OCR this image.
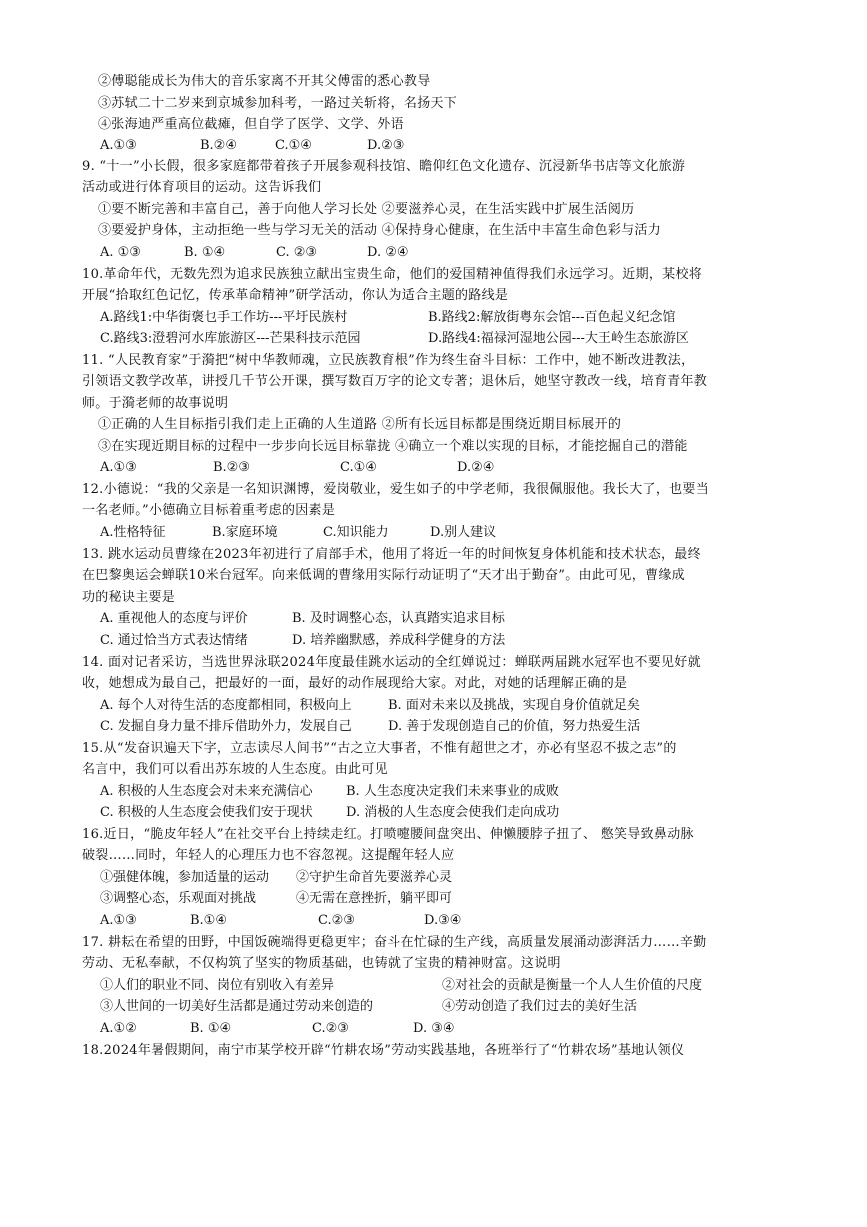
②傅聪能成长为伟大的音乐家离不开其父傅雷的悉心教导
③苏轼二十二岁来到京城参加科考，一路过关斩将，名扬天下
④张海迪严重高位截瘫，但自学了医学、文学、外语
A.①③	B.②④	C.①④	D.②③
9. “十一”小长假，很多家庭都带着孩子开展参观科技馆、瞻仰红色文化遗存、沉浸新华书店等文化旅游
活动或进行体育项目的运动。这告诉我们
①要不断完善和丰富自己，善于向他人学习长处 ②要滋养心灵，在生活实践中扩展生活阅历
③要爱护身体，主动拒绝一些与学习无关的活动 ④保持身心健康，在生活中丰富生命色彩与活力
A. ①③	B. ①④	C. ②③	D. ②④
10.革命年代，无数先烈为追求民族独立献出宝贵生命，他们的爱国精神值得我们永远学习。近期，某校将
开展“拾取红色记忆，传承革命精神”研学活动，你认为适合主题的路线是
A.路线1:中华街褒乜手工作坊---平圩民族村	B.路线2:解放街粤东会馆---百色起义纪念馆
C.路线3:澄碧河水库旅游区---芒果科技示范园	D.路线4:福禄河湿地公园---大王岭生态旅游区
11. “人民教育家”于漪把“树中华教师魂，立民族教育根”作为终生奋斗目标：工作中，她不断改进教法，
引领语文教学改革，讲授几千节公开课，撰写数百万字的论文专著；退休后，她坚守教改一线，培育青年教
师。于漪老师的故事说明
①正确的人生目标指引我们走上正确的人生道路 ②所有长远目标都是围绕近期目标展开的
③在实现近期目标的过程中一步步向长远目标靠拢 ④确立一个难以实现的目标，才能挖掘自己的潜能
A.①③	B.②③	C.①④	D.②④
12.小德说：“我的父亲是一名知识渊博，爱岗敬业，爱生如子的中学老师，我很佩服他。我长大了，也要当
一名老师。”小德确立目标着重考虑的因素是
A.性格特征	B.家庭环境	C.知识能力	D.别人建议
13. 跳水运动员曹缘在2023年初进行了肩部手术，他用了将近一年的时间恢复身体机能和技术状态，最终
在巴黎奥运会蝉联10米台冠军。向来低调的曹缘用实际行动证明了“天才出于勤奋”。由此可见，曹缘成
功的秘诀主要是
A. 重视他人的态度与评价	B. 及时调整心态，认真踏实追求目标
C. 通过恰当方式表达情绪	D. 培养幽默感，养成科学健身的方法
14. 面对记者采访，当选世界泳联2024年度最佳跳水运动的全红婵说过：蝉联两届跳水冠军也不要见好就
收，她想成为最自己，把最好的一面，最好的动作展现给大家。对此，对她的话理解正确的是
A. 每个人对待生活的态度都相同，积极向上	B. 面对未来以及挑战，实现自身价值就足矣
C. 发掘自身力量不排斥借助外力，发展自己	D. 善于发现创造自己的价值，努力热爱生活
15.从“发奋识遍天下字，立志读尽人间书”“古之立大事者，不惟有超世之才，亦必有坚忍不拔之志”的
名言中，我们可以看出苏东坡的人生态度。由此可见
A. 积极的人生态度会对未来充满信心	B. 人生态度决定我们未来事业的成败
C. 积极的人生态度会使我们安于现状	D. 消极的人生态度会使我们走向成功
16.近日，“脆皮年轻人”在社交平台上持续走红。打喷嚏腰间盘突出、伸懒腰脖子扭了、 憋笑导致鼻动脉
破裂……同时，年轻人的心理压力也不容忽视。这提醒年轻人应
①强健体魄，参加适量的运动 ②守护生命首先要滋养心灵
③调整心态，乐观面对挑战	④无需在意挫折，躺平即可
A.①③	B.①④	C.②③	D.③④
17. 耕耘在希望的田野，中国饭碗端得更稳更牢；奋斗在忙碌的生产线，高质量发展涌动澎湃活力……辛勤
劳动、无私奉献，不仅构筑了坚实的物质基础，也铸就了宝贵的精神财富。这说明
①人们的职业不同、岗位有别收入有差异	②对社会的贡献是衡量一个人人生价值的尺度
③人世间的一切美好生活都是通过劳动来创造的	④劳动创造了我们过去的美好生活
A.①②	B. ①④	C.②③	D. ③④
18.2024年暑假期间，南宁市某学校开辟“竹耕农场”劳动实践基地，各班举行了“竹耕农场”基地认领仪
